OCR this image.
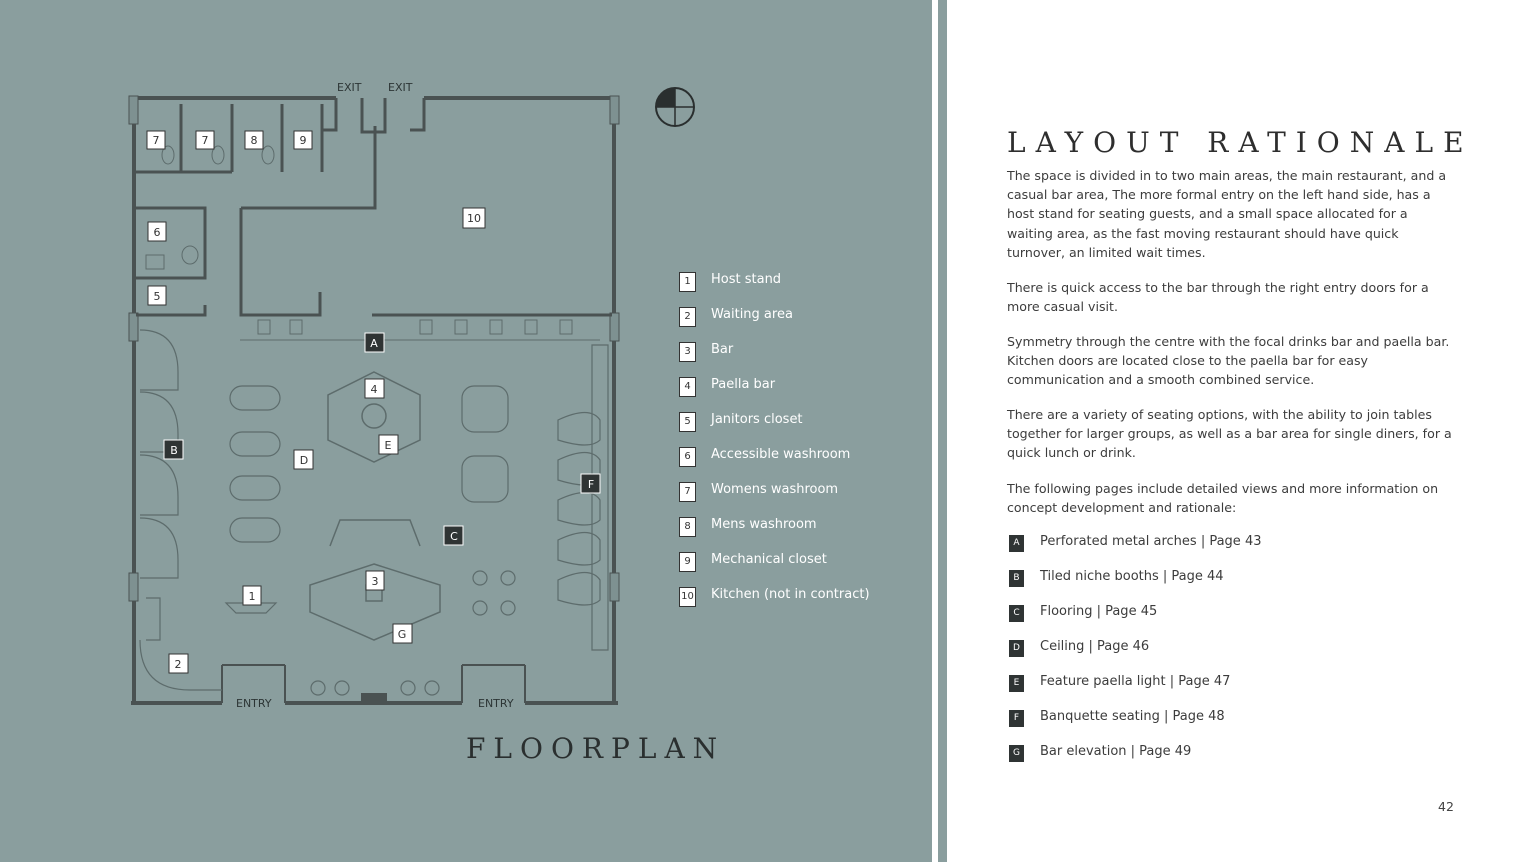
EXIT EXIT
ENTRY	ENTRY
7	7	8	9
6
5
10
1
2
3
4
A
B
C
D
E
F
G
FLOORPLAN
1	Host stand
2	Waiting area
3	Bar
4	Paella bar
5	Janitors closet
6	Accessible washroom
7	Womens washroom
8	Mens washroom
9	Mechanical closet
10 Kitchen (not in contract)
LAYOUT RATIONALE

The space is divided in to two main areas, the main restaurant, and a casual bar area, The more formal entry on the left hand side, has a host stand for seating guests, and a small space allocated for a waiting area, as the fast moving restaurant should have quick turnover, an limited wait times.

There is quick access to the bar through the right entry doors for a more casual visit.

Symmetry through the centre with the focal drinks bar and paella bar. Kitchen doors are located close to the paella bar for easy communication and a smooth combined service.

There are a variety of seating options, with the ability to join tables together for larger groups, as well as a bar area for single diners, for a quick lunch or drink.

The following pages include detailed views and more information on concept development and rationale:

A	Perforated metal arches | Page 43
B	Tiled niche booths | Page 44
C	Flooring | Page 45
D	Ceiling | Page 46
E	Feature paella light | Page 47
F	Banquette seating | Page 48
G	Bar elevation | Page 49
42
